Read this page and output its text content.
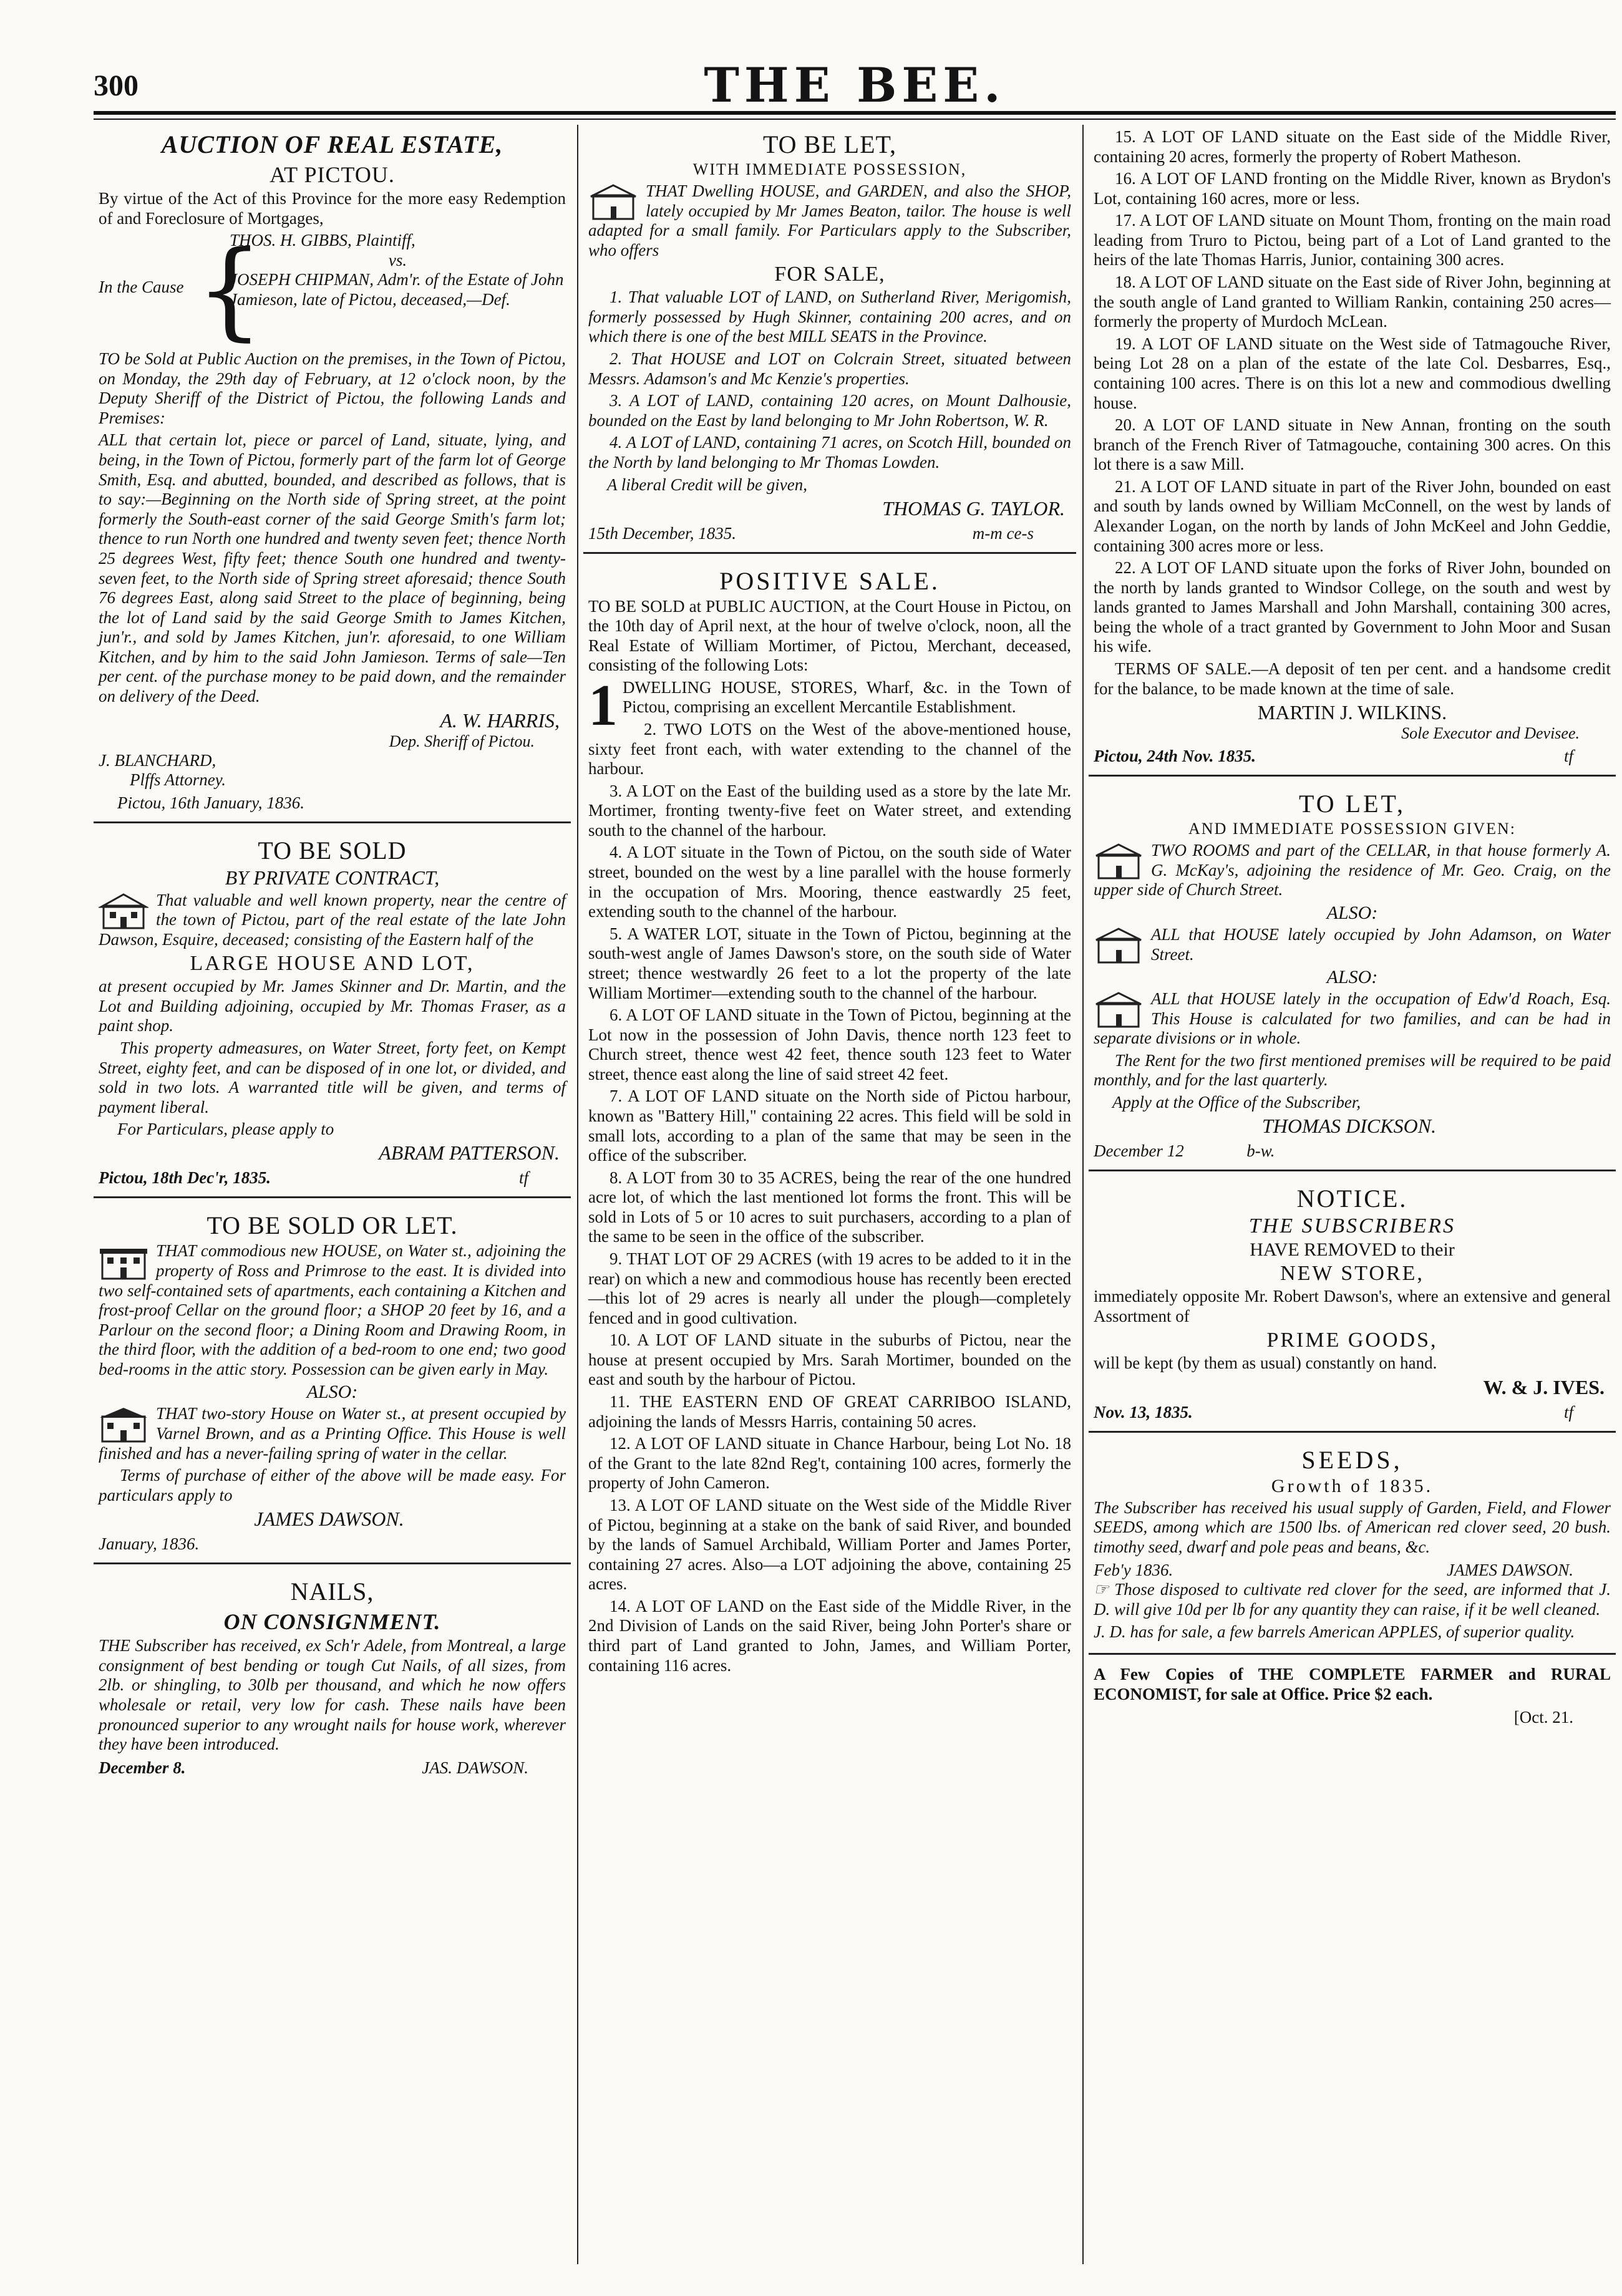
300	THE BEE.
AUCTION OF REAL ESTATE,
AT PICTOU.

By virtue of the Act of this Province for the more easy Redemption of and Foreclosure of Mortgages,

In the Cause {
THOS. H. GIBBS, Plaintiff,
vs.
JOSEPH CHIPMAN, Adm'r. of the Estate of John Jamieson, late of Pictou, deceased,—Def.

TO be Sold at Public Auction on the premises, in the Town of Pictou, on Monday, the 29th day of February, at 12 o'clock noon, by the Deputy Sheriff of the District of Pictou, the following Lands and Premises:

ALL that certain lot, piece or parcel of Land, situate, lying, and being, in the Town of Pictou, formerly part of the farm lot of George Smith, Esq. and abutted, bounded, and described as follows, that is to say:—Beginning on the North side of Spring street, at the point formerly the South-east corner of the said George Smith's farm lot; thence to run North one hundred and twenty seven feet; thence North 25 degrees West, fifty feet; thence South one hundred and twenty-seven feet, to the North side of Spring street aforesaid; thence South 76 degrees East, along said Street to the place of beginning, being the lot of Land said by the said George Smith to James Kitchen, jun'r., and sold by James Kitchen, jun'r. aforesaid, to one William Kitchen, and by him to the said John Jamieson. Terms of sale—Ten per cent. of the purchase money to be paid down, and the remainder on delivery of the Deed.

A. W. HARRIS,
Dep. Sheriff of Pictou.
J. BLANCHARD,
Plffs Attorney.
Pictou, 16th January, 1836.
TO BE SOLD
BY PRIVATE CONTRACT,

That valuable and well known property, near the centre of the town of Pictou, part of the real estate of the late John Dawson, Esquire, deceased; consisting of the Eastern half of the

LARGE HOUSE AND LOT,

at present occupied by Mr. James Skinner and Dr. Martin, and the Lot and Building adjoining, occupied by Mr. Thomas Fraser, as a paint shop.

This property admeasures, on Water Street, forty feet, on Kempt Street, eighty feet, and can be disposed of in one lot, or divided, and sold in two lots. A warranted title will be given, and terms of payment liberal.

For Particulars, please apply to
ABRAM PATTERSON.
tf
Pictou, 18th Dec'r, 1835.
TO BE SOLD OR LET.

THAT commodious new HOUSE, on Water st., adjoining the property of Ross and Primrose to the east. It is divided into two self-contained sets of apartments, each containing a Kitchen and frost-proof Cellar on the ground floor; a SHOP 20 feet by 16, and a Parlour on the second floor; a Dining Room and Drawing Room, in the third floor, with the addition of a bed-room to one end; two good bed-rooms in the attic story. Possession can be given early in May.

ALSO:

THAT two-story House on Water st., at present occupied by Varnel Brown, and as a Printing Office. This House is well finished and has a never-failing spring of water in the cellar.

Terms of purchase of either of the above will be made easy. For particulars apply to

JAMES DAWSON.
January, 1836.
NAILS,
ON CONSIGNMENT.

THE Subscriber has received, ex Sch'r Adele, from Montreal, a large consignment of best bending or tough Cut Nails, of all sizes, from 2lb. or shingling, to 30lb per thousand, and which he now offers wholesale or retail, very low for cash. These nails have been pronounced superior to any wrought nails for house work, wherever they have been introduced.

JAS. DAWSON.
December 8.
TO BE LET,
WITH IMMEDIATE POSSESSION,

THAT Dwelling HOUSE, and GARDEN, and also the SHOP, lately occupied by Mr James Beaton, tailor. The house is well adapted for a small family. For Particulars apply to the Subscriber, who offers

FOR SALE,

1. That valuable LOT of LAND, on Sutherland River, Merigomish, formerly possessed by Hugh Skinner, containing 200 acres, and on which there is one of the best MILL SEATS in the Province.

2. That HOUSE and LOT on Colcrain Street, situated between Messrs. Adamson's and Mc Kenzie's properties.

3. A LOT of LAND, containing 120 acres, on Mount Dalhousie, bounded on the East by land belonging to Mr John Robertson, W. R.

4. A LOT of LAND, containing 71 acres, on Scotch Hill, bounded on the North by land belonging to Mr Thomas Lowden.

A liberal Credit will be given,
THOMAS G. TAYLOR.
m-m ce-s
15th December, 1835.
POSITIVE SALE.

TO BE SOLD at PUBLIC AUCTION, at the Court House in Pictou, on the 10th day of April next, at the hour of twelve o'clock, noon, all the Real Estate of William Mortimer, of Pictou, Merchant, deceased, consisting of the following Lots:

1 DWELLING HOUSE, STORES, Wharf, &c. in the Town of Pictou, comprising an excellent Mercantile Establishment.

2. TWO LOTS on the West of the above-mentioned house, sixty feet front each, with water extending to the channel of the harbour.

3. A LOT on the East of the building used as a store by the late Mr. Mortimer, fronting twenty-five feet on Water street, and extending south to the channel of the harbour.

4. A LOT situate in the Town of Pictou, on the south side of Water street, bounded on the west by a line parallel with the house formerly in the occupation of Mrs. Mooring, thence eastwardly 25 feet, extending south to the channel of the harbour.

5. A WATER LOT, situate in the Town of Pictou, beginning at the south-west angle of James Dawson's store, on the south side of Water street; thence westwardly 26 feet to a lot the property of the late William Mortimer—extending south to the channel of the harbour.

6. A LOT OF LAND situate in the Town of Pictou, beginning at the Lot now in the possession of John Davis, thence north 123 feet to Church street, thence west 42 feet, thence south 123 feet to Water street, thence east along the line of said street 42 feet.

7. A LOT OF LAND situate on the North side of Pictou harbour, known as "Battery Hill," containing 22 acres. This field will be sold in small lots, according to a plan of the same that may be seen in the office of the subscriber.

8. A LOT from 30 to 35 ACRES, being the rear of the one hundred acre lot, of which the last mentioned lot forms the front. This will be sold in Lots of 5 or 10 acres to suit purchasers, according to a plan of the same to be seen in the office of the subscriber.

9. THAT LOT OF 29 ACRES (with 19 acres to be added to it in the rear) on which a new and commodious house has recently been erected—this lot of 29 acres is nearly all under the plough—completely fenced and in good cultivation.

10. A LOT OF LAND situate in the suburbs of Pictou, near the house at present occupied by Mrs. Sarah Mortimer, bounded on the east and south by the harbour of Pictou.

11. THE EASTERN END OF GREAT CARRIBOO ISLAND, adjoining the lands of Messrs Harris, containing 50 acres.

12. A LOT OF LAND situate in Chance Harbour, being Lot No. 18 of the Grant to the late 82nd Reg't, containing 100 acres, formerly the property of John Cameron.

13. A LOT OF LAND situate on the West side of the Middle River of Pictou, beginning at a stake on the bank of said River, and bounded by the lands of Samuel Archibald, William Porter and James Porter, containing 27 acres. Also—a LOT adjoining the above, containing 25 acres.

14. A LOT OF LAND on the East side of the Middle River, in the 2nd Division of Lands on the said River, being John Porter's share or third part of Land granted to John, James, and William Porter, containing 116 acres.

15. A LOT OF LAND situate on the East side of the Middle River, containing 20 acres, formerly the property of Robert Matheson.

16. A LOT OF LAND fronting on the Middle River, known as Brydon's Lot, containing 160 acres, more or less.

17. A LOT OF LAND situate on Mount Thom, fronting on the main road leading from Truro to Pictou, being part of a Lot of Land granted to the heirs of the late Thomas Harris, Junior, containing 300 acres.

18. A LOT OF LAND situate on the East side of River John, beginning at the south angle of Land granted to William Rankin, containing 250 acres—formerly the property of Murdoch McLean.

19. A LOT OF LAND situate on the West side of Tatmagouche River, being Lot 28 on a plan of the estate of the late Col. Desbarres, Esq., containing 100 acres. There is on this lot a new and commodious dwelling house.

20. A LOT OF LAND situate in New Annan, fronting on the south branch of the French River of Tatmagouche, containing 300 acres. On this lot there is a saw Mill.

21. A LOT OF LAND situate in part of the River John, bounded on east and south by lands owned by William McConnell, on the west by lands of Alexander Logan, on the north by lands of John McKeel and John Geddie, containing 300 acres more or less.

22. A LOT OF LAND situate upon the forks of River John, bounded on the north by lands granted to Windsor College, on the south and west by lands granted to James Marshall and John Marshall, containing 300 acres, being the whole of a tract granted by Government to John Moor and Susan his wife.

TERMS OF SALE.—A deposit of ten per cent. and a handsome credit for the balance, to be made known at the time of sale.

MARTIN J. WILKINS.
Sole Executor and Devisee.
tf
Pictou, 24th Nov. 1835.
TO LET,
AND IMMEDIATE POSSESSION GIVEN:

TWO ROOMS and part of the CELLAR, in that house formerly A. G. McKay's, adjoining the residence of Mr. Geo. Craig, on the upper side of Church Street.

ALSO:

ALL that HOUSE lately occupied by John Adamson, on Water Street.

ALSO:

ALL that HOUSE lately in the occupation of Edw'd Roach, Esq. This House is calculated for two families, and can be had in separate divisions or in whole.

The Rent for the two first mentioned premises will be required to be paid monthly, and for the last quarterly.

Apply at the Office of the Subscriber,
THOMAS DICKSON.
December 12	b-w.
NOTICE.
THE SUBSCRIBERS
HAVE REMOVED to their
NEW STORE,

immediately opposite Mr. Robert Dawson's, where an extensive and general Assortment of

PRIME GOODS,

will be kept (by them as usual) constantly on hand.

W. & J. IVES.
tf
Nov. 13, 1835.
SEEDS,
Growth of 1835.

The Subscriber has received his usual supply of Garden, Field, and Flower SEEDS, among which are 1500 lbs. of American red clover seed, 20 bush. timothy seed, dwarf and pole peas and beans, &c.

JAMES DAWSON.
Feb'y 1836.

☞ Those disposed to cultivate red clover for the seed, are informed that J. D. will give 10d per lb for any quantity they can raise, if it be well cleaned.

J. D. has for sale, a few barrels American APPLES, of superior quality.

A Few Copies of THE COMPLETE FARMER and RURAL ECONOMIST, for sale at Office. Price $2 each.

[Oct. 21.
